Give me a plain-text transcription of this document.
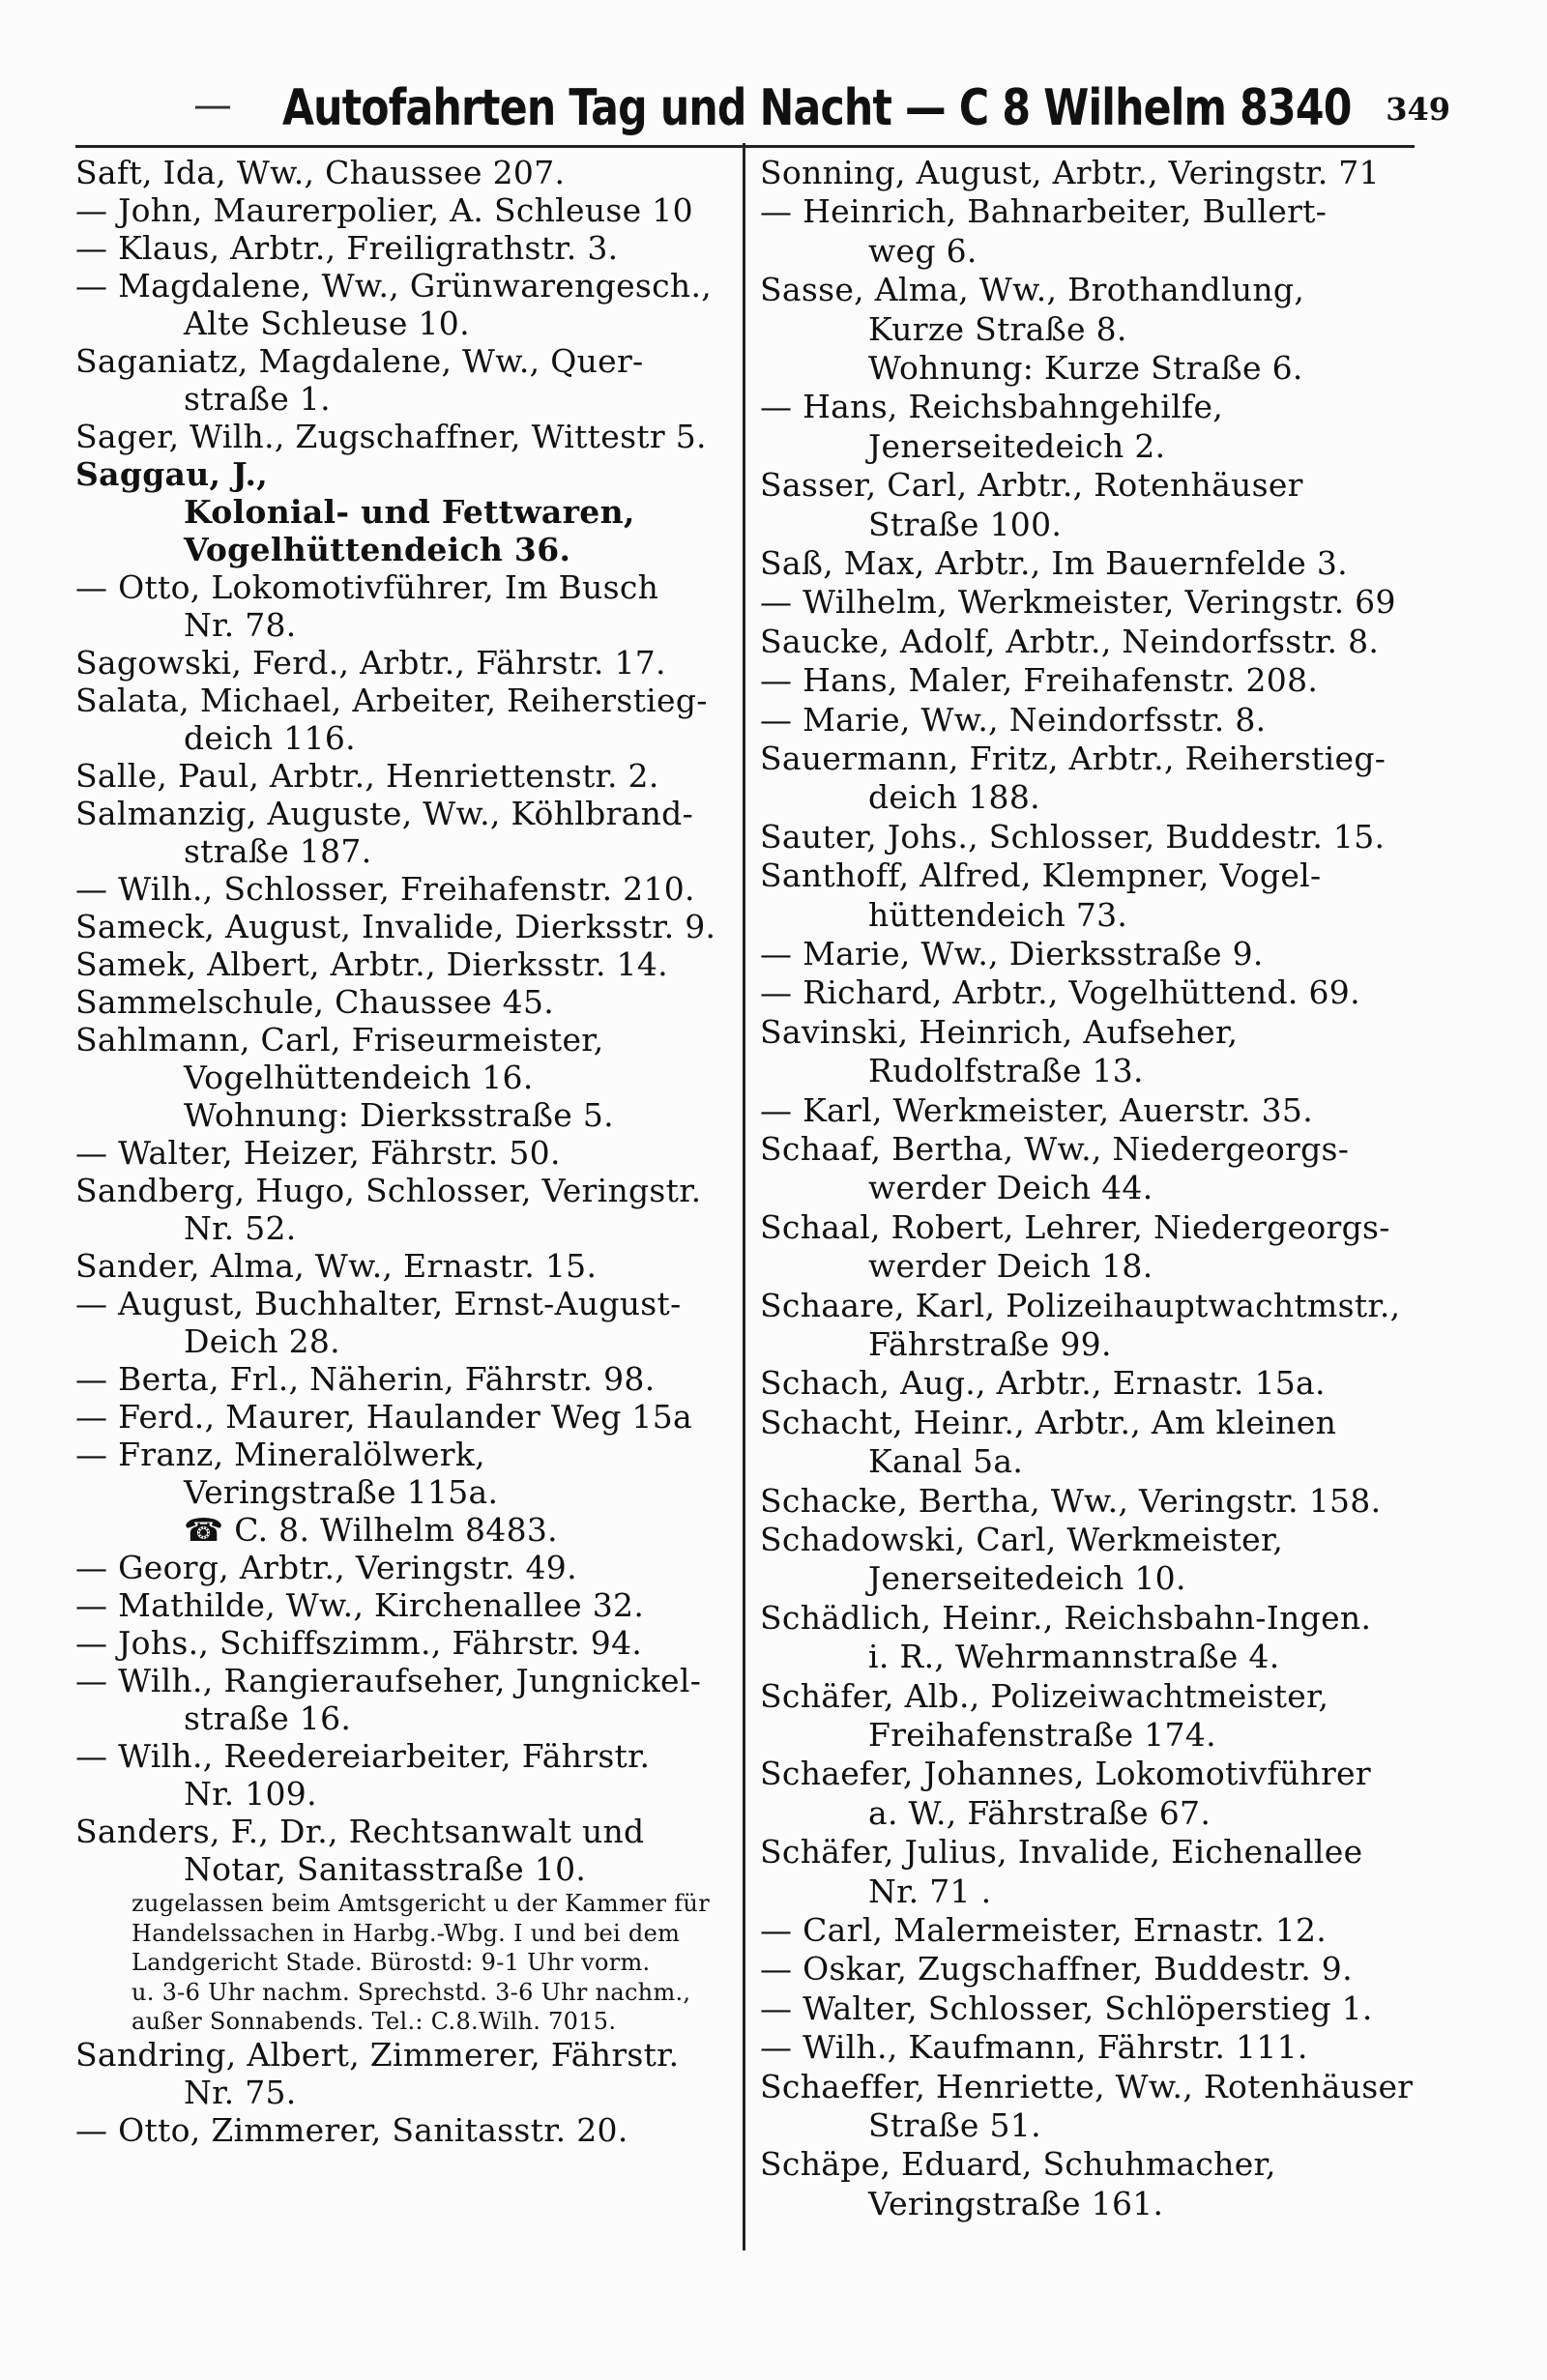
— Autofahrten Tag und Nacht — C 8 Wilhelm 8340 349
Saft, Ida, Ww., Chaussee 207.
— John, Maurerpolier, A. Schleuse 10
— Klaus, Arbtr., Freiligrathstr. 3.
— Magdalene, Ww., Grünwarengesch.,
Alte Schleuse 10.
Saganiatz, Magdalene, Ww., Quer-
straße 1.
Sager, Wilh., Zugschaffner, Wittestr 5.
Saggau, J.,
Kolonial- und Fettwaren,
Vogelhüttendeich 36.
— Otto, Lokomotivführer, Im Busch
Nr. 78.
Sagowski, Ferd., Arbtr., Fährstr. 17.
Salata, Michael, Arbeiter, Reiherstieg-
deich 116.
Salle, Paul, Arbtr., Henriettenstr. 2.
Salmanzig, Auguste, Ww., Köhlbrand-
straße 187.
— Wilh., Schlosser, Freihafenstr. 210.
Sameck, August, Invalide, Dierksstr. 9.
Samek, Albert, Arbtr., Dierksstr. 14.
Sammelschule, Chaussee 45.
Sahlmann, Carl, Friseurmeister,
Vogelhüttendeich 16.
Wohnung: Dierksstraße 5.
— Walter, Heizer, Fährstr. 50.
Sandberg, Hugo, Schlosser, Veringstr.
Nr. 52.
Sander, Alma, Ww., Ernastr. 15.
— August, Buchhalter, Ernst-August-
Deich 28.
— Berta, Frl., Näherin, Fährstr. 98.
— Ferd., Maurer, Haulander Weg 15a
— Franz, Mineralölwerk,
Veringstraße 115a.
☎ C. 8. Wilhelm 8483.
— Georg, Arbtr., Veringstr. 49.
— Mathilde, Ww., Kirchenallee 32.
— Johs., Schiffszimm., Fährstr. 94.
— Wilh., Rangieraufseher, Jungnickel-
straße 16.
— Wilh., Reedereiarbeiter, Fährstr.
Nr. 109.
Sanders, F., Dr., Rechtsanwalt und
Notar, Sanitasstraße 10.
zugelassen beim Amtsgericht u der Kammer für
Handelssachen in Harbg.-Wbg. I und bei dem
Landgericht Stade. Bürostd: 9-1 Uhr vorm.
u. 3-6 Uhr nachm. Sprechstd. 3-6 Uhr nachm.,
außer Sonnabends. Tel.: C.8.Wilh. 7015.
Sandring, Albert, Zimmerer, Fährstr.
Nr. 75.
— Otto, Zimmerer, Sanitasstr. 20.
Sonning, August, Arbtr., Veringstr. 71
— Heinrich, Bahnarbeiter, Bullert-
weg 6.
Sasse, Alma, Ww., Brothandlung,
Kurze Straße 8.
Wohnung: Kurze Straße 6.
— Hans, Reichsbahngehilfe,
Jenerseitedeich 2.
Sasser, Carl, Arbtr., Rotenhäuser
Straße 100.
Saß, Max, Arbtr., Im Bauernfelde 3.
— Wilhelm, Werkmeister, Veringstr. 69
Saucke, Adolf, Arbtr., Neindorfsstr. 8.
— Hans, Maler, Freihafenstr. 208.
— Marie, Ww., Neindorfsstr. 8.
Sauermann, Fritz, Arbtr., Reiherstieg-
deich 188.
Sauter, Johs., Schlosser, Buddestr. 15.
Santhoff, Alfred, Klempner, Vogel-
hüttendeich 73.
— Marie, Ww., Dierksstraße 9.
— Richard, Arbtr., Vogelhüttend. 69.
Savinski, Heinrich, Aufseher,
Rudolfstraße 13.
— Karl, Werkmeister, Auerstr. 35.
Schaaf, Bertha, Ww., Niedergeorgs-
werder Deich 44.
Schaal, Robert, Lehrer, Niedergeorgs-
werder Deich 18.
Schaare, Karl, Polizeihauptwachtmstr.,
Fährstraße 99.
Schach, Aug., Arbtr., Ernastr. 15a.
Schacht, Heinr., Arbtr., Am kleinen
Kanal 5a.
Schacke, Bertha, Ww., Veringstr. 158.
Schadowski, Carl, Werkmeister,
Jenerseitedeich 10.
Schädlich, Heinr., Reichsbahn-Ingen.
i. R., Wehrmannstraße 4.
Schäfer, Alb., Polizeiwachtmeister,
Freihafenstraße 174.
Schaefer, Johannes, Lokomotivführer
a. W., Fährstraße 67.
Schäfer, Julius, Invalide, Eichenallee
Nr. 71 .
— Carl, Malermeister, Ernastr. 12.
— Oskar, Zugschaffner, Buddestr. 9.
— Walter, Schlosser, Schlöperstieg 1.
— Wilh., Kaufmann, Fährstr. 111.
Schaeffer, Henriette, Ww., Rotenhäuser
Straße 51.
Schäpe, Eduard, Schuhmacher,
Veringstraße 161.
